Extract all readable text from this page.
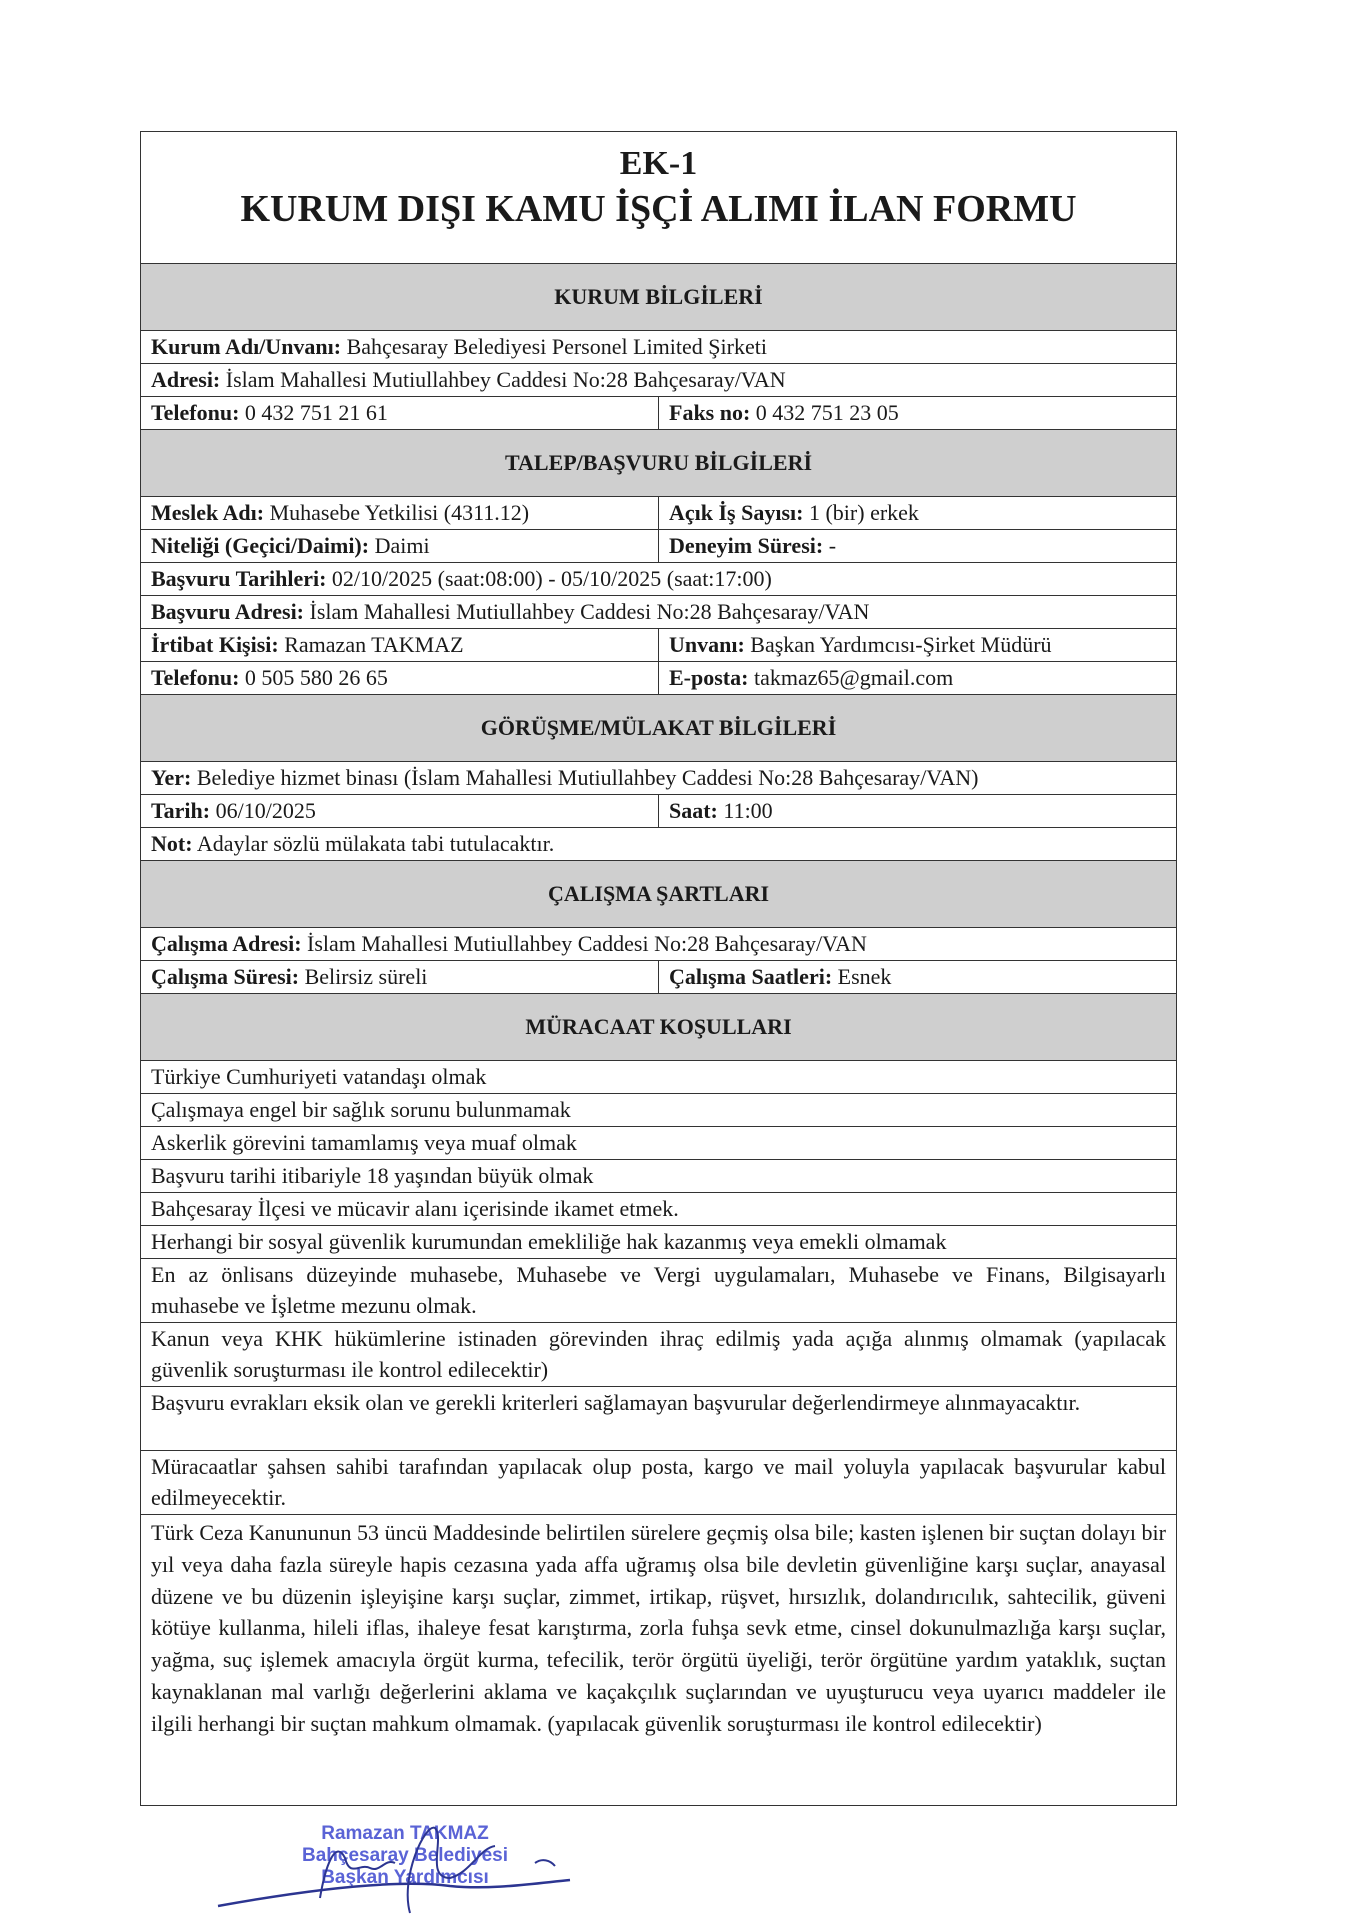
EK-1
KURUM DIŞI KAMU İŞÇİ ALIMI İLAN FORMU
KURUM BİLGİLERİ
Kurum Adı/Unvanı: Bahçesaray Belediyesi Personel Limited Şirketi
Adresi: İslam Mahallesi Mutiullahbey Caddesi No:28 Bahçesaray/VAN
Telefonu: 0 432 751 21 61	Faks no: 0 432 751 23 05
TALEP/BAŞVURU BİLGİLERİ
Meslek Adı: Muhasebe Yetkilisi (4311.12)	Açık İş Sayısı: 1 (bir) erkek
Niteliği (Geçici/Daimi): Daimi	Deneyim Süresi: -
Başvuru Tarihleri: 02/10/2025 (saat:08:00) - 05/10/2025 (saat:17:00)
Başvuru Adresi: İslam Mahallesi Mutiullahbey Caddesi No:28 Bahçesaray/VAN
İrtibat Kişisi: Ramazan TAKMAZ	Unvanı: Başkan Yardımcısı-Şirket Müdürü
Telefonu: 0 505 580 26 65	E-posta: takmaz65@gmail.com
GÖRÜŞME/MÜLAKAT BİLGİLERİ
Yer: Belediye hizmet binası (İslam Mahallesi Mutiullahbey Caddesi No:28 Bahçesaray/VAN)
Tarih: 06/10/2025	Saat: 11:00
Not: Adaylar sözlü mülakata tabi tutulacaktır.
ÇALIŞMA ŞARTLARI
Çalışma Adresi: İslam Mahallesi Mutiullahbey Caddesi No:28 Bahçesaray/VAN
Çalışma Süresi: Belirsiz süreli	Çalışma Saatleri: Esnek
MÜRACAAT KOŞULLARI
Türkiye Cumhuriyeti vatandaşı olmak
Çalışmaya engel bir sağlık sorunu bulunmamak
Askerlik görevini tamamlamış veya muaf olmak
Başvuru tarihi itibariyle 18 yaşından büyük olmak
Bahçesaray İlçesi ve mücavir alanı içerisinde ikamet etmek.
Herhangi bir sosyal güvenlik kurumundan emekliliğe hak kazanmış veya emekli olmamak
En az önlisans düzeyinde muhasebe, Muhasebe ve Vergi uygulamaları, Muhasebe ve Finans, Bilgisayarlı muhasebe ve İşletme mezunu olmak.
Kanun veya KHK hükümlerine istinaden görevinden ihraç edilmiş yada açığa alınmış olmamak (yapılacak güvenlik soruşturması ile kontrol edilecektir)
Başvuru evrakları eksik olan ve gerekli kriterleri sağlamayan başvurular değerlendirmeye alınmayacaktır.
Müracaatlar şahsen sahibi tarafından yapılacak olup posta, kargo ve mail yoluyla yapılacak başvurular kabul edilmeyecektir.
Türk Ceza Kanununun 53 üncü Maddesinde belirtilen sürelere geçmiş olsa bile; kasten işlenen bir suçtan dolayı bir yıl veya daha fazla süreyle hapis cezasına yada affa uğramış olsa bile devletin güvenliğine karşı suçlar, anayasal düzene ve bu düzenin işleyişine karşı suçlar, zimmet, irtikap, rüşvet, hırsızlık, dolandırıcılık, sahtecilik, güveni kötüye kullanma, hileli iflas, ihaleye fesat karıştırma, zorla fuhşa sevk etme, cinsel dokunulmazlığa karşı suçlar, yağma, suç işlemek amacıyla örgüt kurma, tefecilik, terör örgütü üyeliği, terör örgütüne yardım yataklık, suçtan kaynaklanan mal varlığı değerlerini aklama ve kaçakçılık suçlarından ve uyuşturucu veya uyarıcı maddeler ile ilgili herhangi bir suçtan mahkum olmamak. (yapılacak güvenlik soruşturması ile kontrol edilecektir)
Ramazan TAKMAZ
Bahçesaray Belediyesi
Başkan Yardımcısı
